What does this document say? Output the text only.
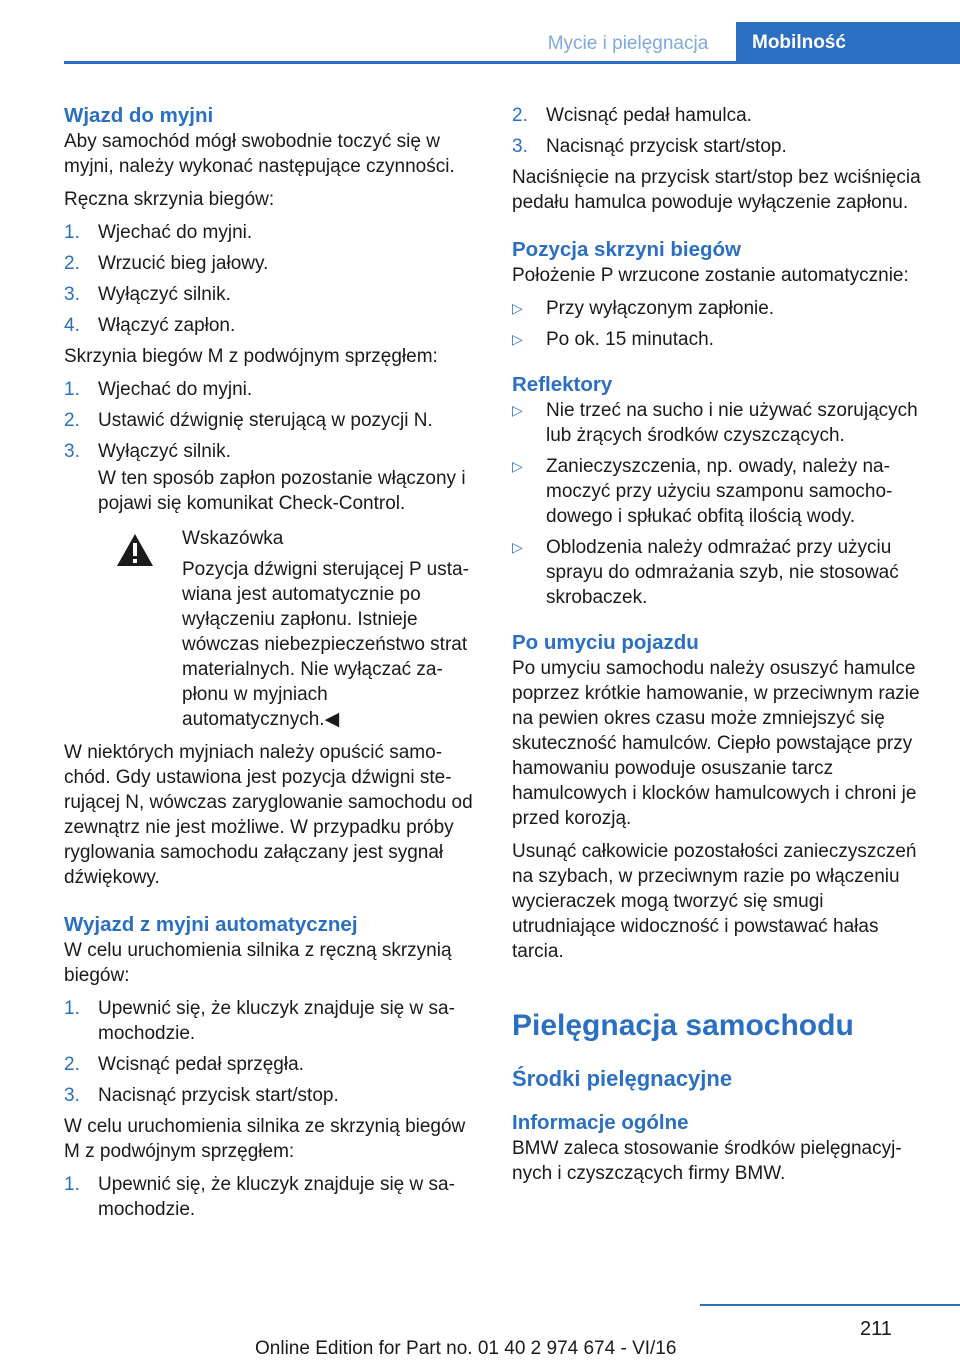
Mycie i pielęgnacja	Mobilność
Wjazd do myjni

Aby samochód mógł swobodnie toczyć się w myjni, należy wykonać następujące czynności.

Ręczna skrzynia biegów:

1. Wjechać do myjni.
2. Wrzucić bieg jałowy.
3. Wyłączyć silnik.
4. Włączyć zapłon.

Skrzynia biegów M z podwójnym sprzęgłem:

1. Wjechać do myjni.
2. Ustawić dźwignię sterującą w pozycji N.
3. Wyłączyć silnik.
W ten sposób zapłon pozostanie włączony i pojawi się komunikat Check-Control.
Wskazówka
Pozycja dźwigni sterującej P ustawiana jest automatycznie po wyłączeniu zapłonu. Istnieje wówczas niebezpieczeństwo strat materialnych. Nie wyłączać zapłonu w myjniach automatycznych.◀

W niektórych myjniach należy opuścić samochód. Gdy ustawiona jest pozycja dźwigni sterującej N, wówczas zaryglowanie samochodu od zewnątrz nie jest możliwe. W przypadku próby ryglowania samochodu załączany jest sygnał dźwiękowy.

Wyjazd z myjni automatycznej

W celu uruchomienia silnika z ręczną skrzynią biegów:

1. Upewnić się, że kluczyk znajduje się w samochodzie.
2. Wcisnąć pedał sprzęgła.
3. Nacisnąć przycisk start/stop.

W celu uruchomienia silnika ze skrzynią biegów M z podwójnym sprzęgłem:

1. Upewnić się, że kluczyk znajduje się w samochodzie.
2. Wcisnąć pedał hamulca.
3. Nacisnąć przycisk start/stop.

Naciśnięcie na przycisk start/stop bez wciśnięcia pedału hamulca powoduje wyłączenie zapłonu.

Pozycja skrzyni biegów

Położenie P wrzucone zostanie automatycznie:

▷	Przy wyłączonym zapłonie.
▷	Po ok. 15 minutach.
Reflektory
▷	Nie trzeć na sucho i nie używać szorujących lub żrących środków czyszczących.
▷	Zanieczyszczenia, np. owady, należy namoczyć przy użyciu szamponu samochodowego i spłukać obfitą ilością wody.
▷	Oblodzenia należy odmrażać przy użyciu sprayu do odmrażania szyb, nie stosować skrobaczek.
Po umyciu pojazdu

Po umyciu samochodu należy osuszyć hamulce poprzez krótkie hamowanie, w przeciwnym razie na pewien okres czasu może zmniejszyć się skuteczność hamulców. Ciepło powstające przy hamowaniu powoduje osuszanie tarcz hamulcowych i klocków hamulcowych i chroni je przed korozją.

Usunąć całkowicie pozostałości zanieczyszczeń na szybach, w przeciwnym razie po włączeniu wycieraczek mogą tworzyć się smugi utrudniające widoczność i powstawać hałas tarcia.

Pielęgnacja samochodu
Środki pielęgnacyjne
Informacje ogólne

BMW zaleca stosowanie środków pielęgnacyjnych i czyszczących firmy BMW.

211
Online Edition for Part no. 01 40 2 974 674 - VI/16
